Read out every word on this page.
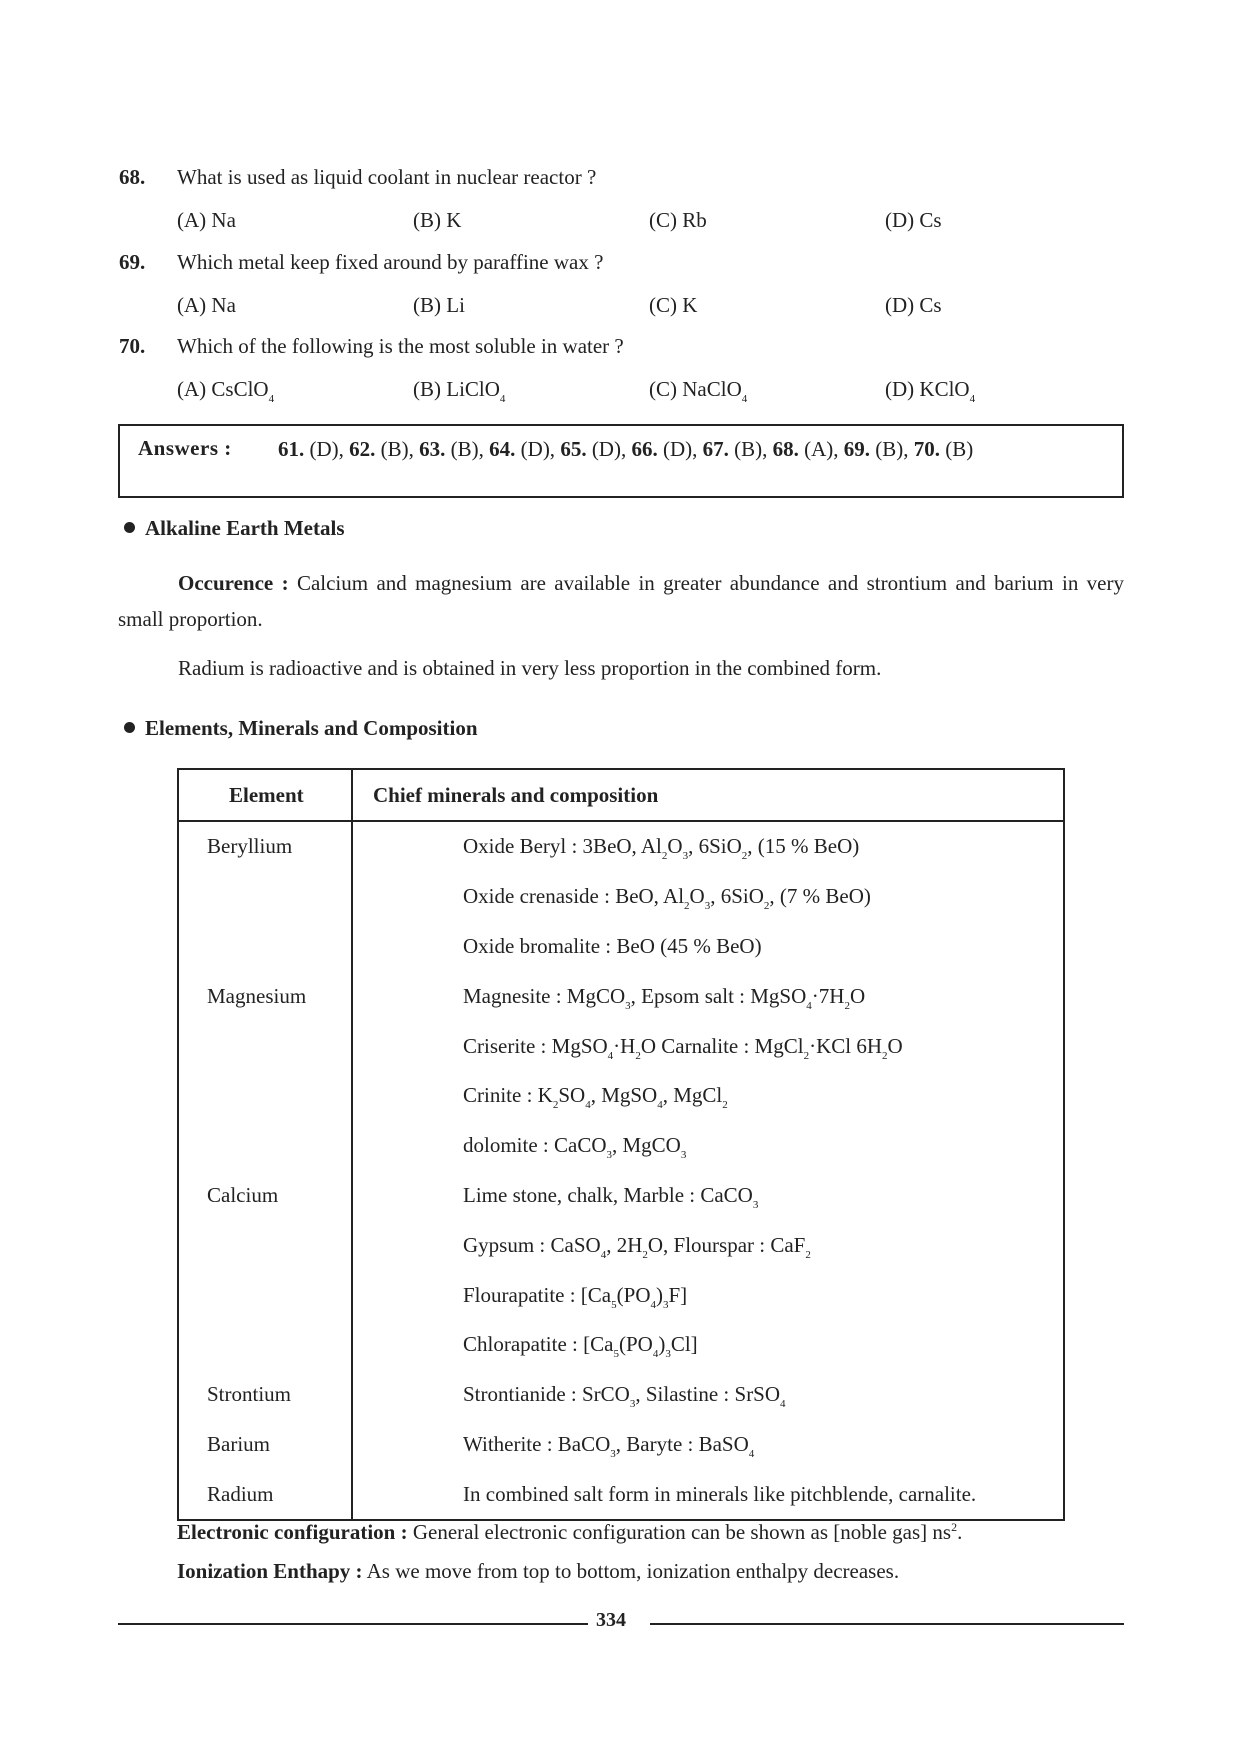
68. What is used as liquid coolant in nuclear reactor ?
(A) Na	(B) K	(C) Rb	(D) Cs
69. Which metal keep fixed around by paraffine wax ?
(A) Na	(B) Li	(C) K	(D) Cs
70. Which of the following is the most soluble in water ?
(A) CsClO$_4$	(B) LiClO$_4$	(C) NaClO$_4$	(D) KClO$_4$
Answers : 61. (D), 62. (B), 63. (B), 64. (D), 65. (D), 66. (D), 67. (B), 68. (A), 69. (B), 70. (B)
Alkaline Earth Metals
Occurence : Calcium and magnesium are available in greater abundance and strontium and barium in very small proportion.
Radium is radioactive and is obtained in very less proportion in the combined form.
Elements, Minerals and Composition
Element	Chief minerals and composition
Beryllium	Oxide Beryl : 3BeO, $Al_2O_3$, 6SiO$_2$, (15 % BeO)
	Oxide crenaside : BeO, $Al_2O_3$, 6SiO$_2$, (7 % BeO)
	Oxide bromalite : BeO (45 % BeO)
Magnesium	Magnesite : MgCO$_3$, Epsom salt : $MgSO_4\cdot 7H_2O$
	Criserite : $MgSO_4\cdot H_2O$ Carnalite : MgCl$_2$·KCl $6H_2O$
	Crinite : $K_2SO_4$, MgSO$_4$, MgCl$_2$
	dolomite : CaCO$_3$, MgCO$_3$
Calcium	Lime stone, chalk, Marble : CaCO$_3$
	Gypsum : CaSO$_4$, $2H_2O$, Flourspar : CaF$_2$
	Flourapatite : $[Ca_5(PO_4)_3F]$
	Chlorapatite : $[Ca_5(PO_4)_3Cl]$
Strontium	Strontianide : SrCO$_3$, Silastine : SrSO$_4$
Barium	Witherite : BaCO$_3$, Baryte : BaSO$_4$
Radium	In combined salt form in minerals like pitchblende, carnalite.
Electronic configuration : General electronic configuration can be shown as [noble gas] $ns^2$.
Ionization Enthapy : As we move from top to bottom, ionization enthalpy decreases.
334
